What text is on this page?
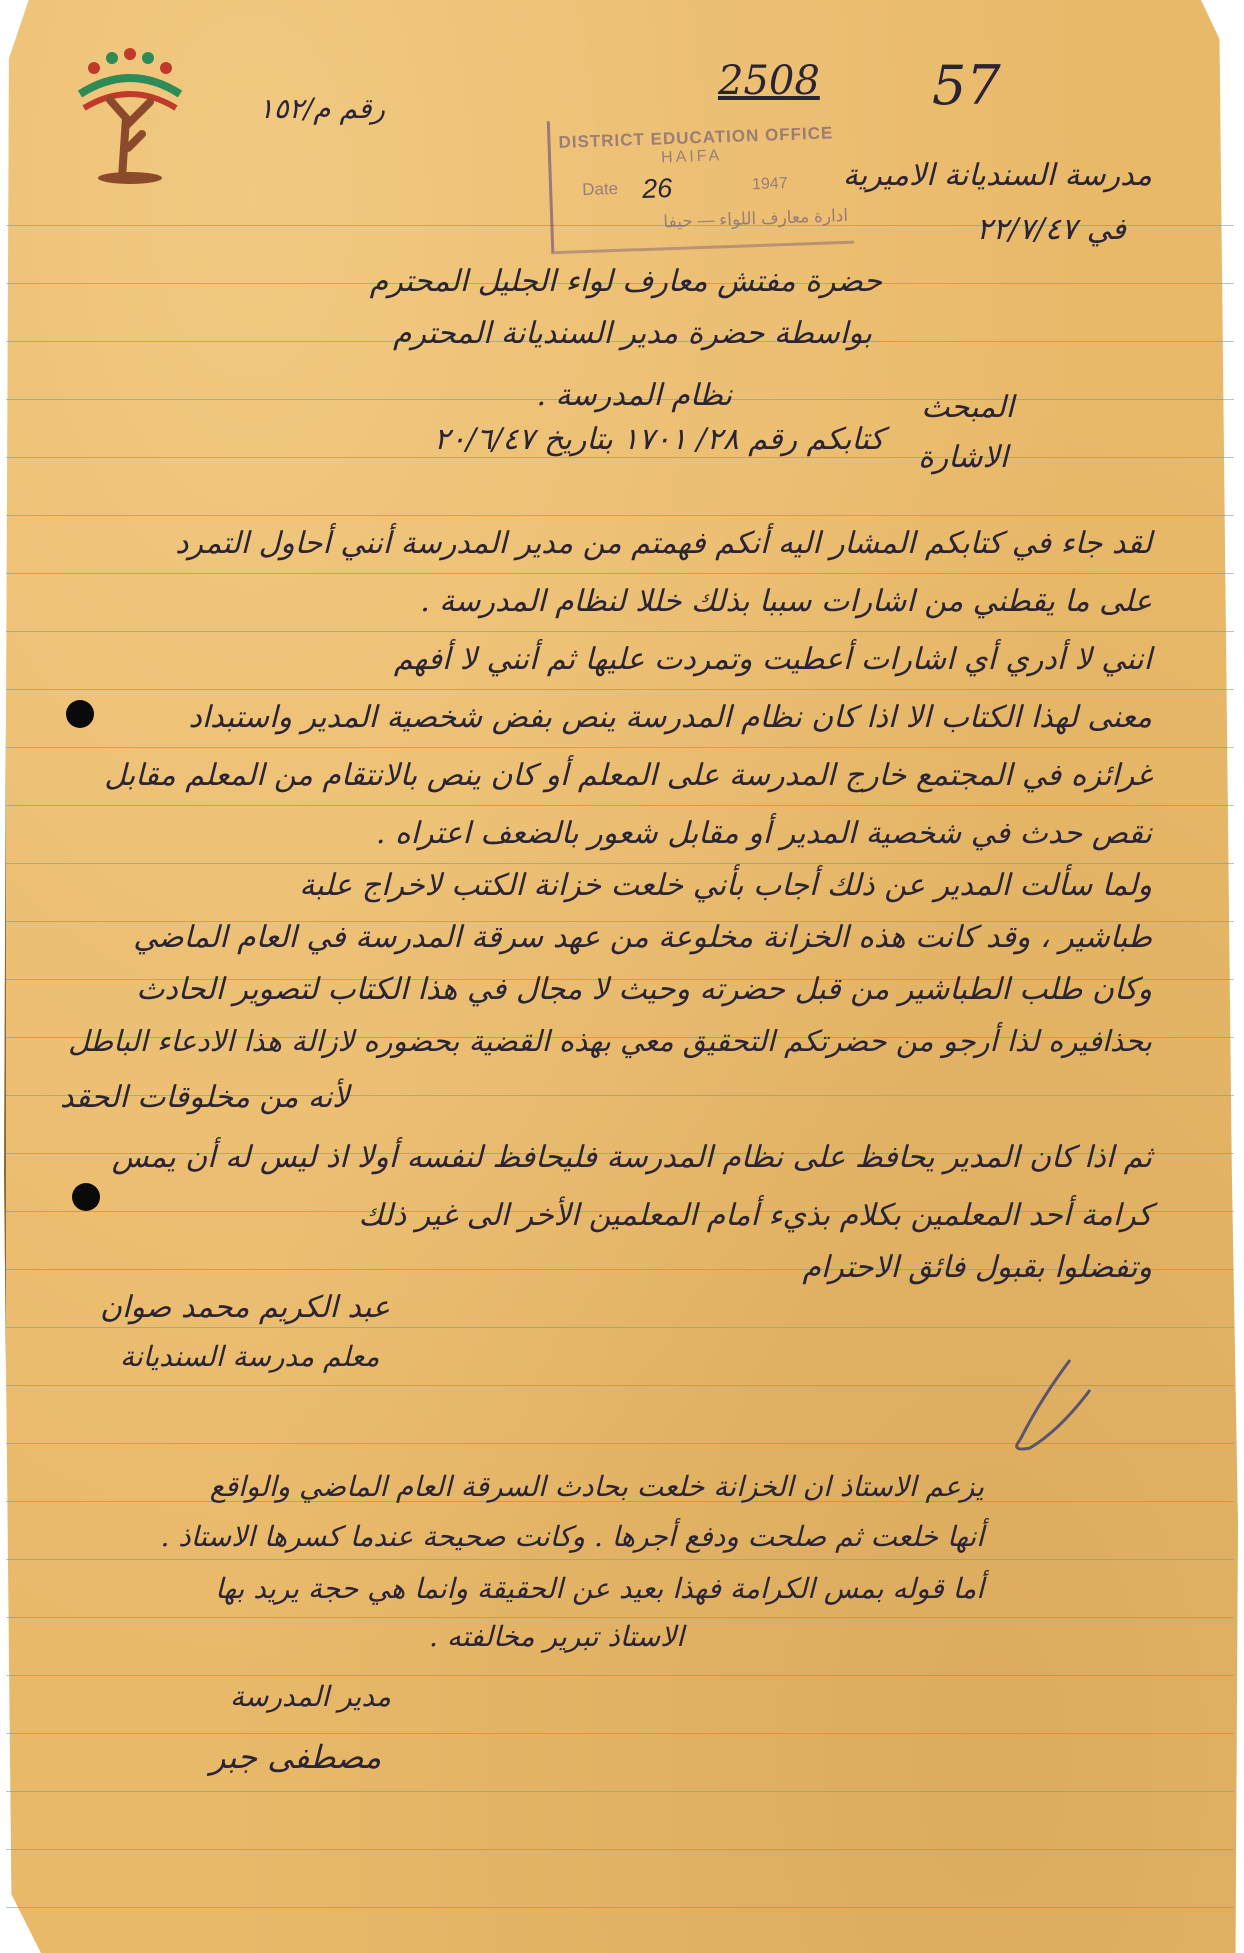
رقم م/١٥٢
2508 57
DISTRICT EDUCATION OFFICE
HAIFA
Date 26	1947
ادارة معارف اللواء — حيفا
مدرسة السنديانة الاميرية
في ٢٢/٧/٤٧
حضرة مفتش معارف لواء الجليل المحترم
بواسطة حضرة مدير السنديانة المحترم
المبحث
نظام المدرسة .
الاشارة
كتابكم رقم ٢٨/ ١٧٠١ بتاريخ ٢٠/٦/٤٧
لقد جاء في كتابكم المشار اليه أنكم فهمتم من مدير المدرسة أنني أحاول التمرد
على ما يقطني من اشارات سببا بذلك خللا لنظام المدرسة .
انني لا أدري أي اشارات أعطيت وتمردت عليها ثم أنني لا أفهم
معنى لهذا الكتاب الا اذا كان نظام المدرسة ينص بفض شخصية المدير واستبداد
غرائزه في المجتمع خارج المدرسة على المعلم أو كان ينص بالانتقام من المعلم مقابل
نقص حدث في شخصية المدير أو مقابل شعور بالضعف اعتراه .
ولما سألت المدير عن ذلك أجاب بأني خلعت خزانة الكتب لاخراج علبة
طباشير ، وقد كانت هذه الخزانة مخلوعة من عهد سرقة المدرسة في العام الماضي
وكان طلب الطباشير من قبل حضرته وحيث لا مجال في هذا الكتاب لتصوير الحادث
بحذافيره لذا أرجو من حضرتكم التحقيق معي بهذه القضية بحضوره لازالة هذا الادعاء الباطل
لأنه من مخلوقات الحقد
ثم اذا كان المدير يحافظ على نظام المدرسة فليحافظ لنفسه أولا اذ ليس له أن يمس
كرامة أحد المعلمين بكلام بذيء أمام المعلمين الأخر الى غير ذلك
وتفضلوا بقبول فائق الاحترام
عبد الكريم محمد صوان
معلم مدرسة السنديانة
يزعم الاستاذ ان الخزانة خلعت بحادث السرقة العام الماضي والواقع
أنها خلعت ثم صلحت ودفع أجرها . وكانت صحيحة عندما كسرها الاستاذ .
أما قوله بمس الكرامة فهذا بعيد عن الحقيقة وانما هي حجة يريد بها
الاستاذ تبرير مخالفته .
مدير المدرسة
مصطفى جبر
